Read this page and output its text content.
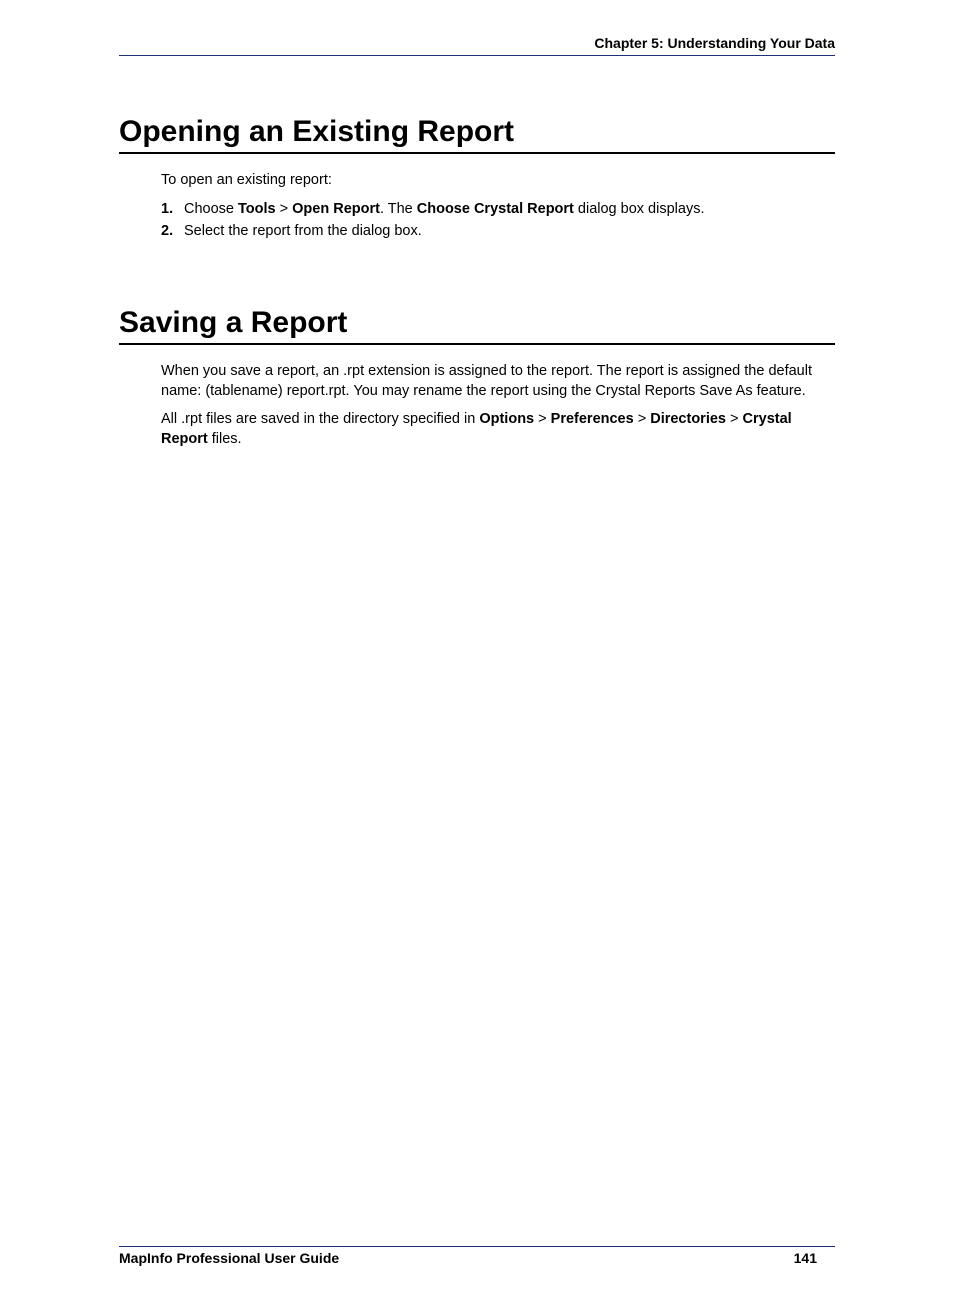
Chapter 5: Understanding Your Data
Opening an Existing Report

To open an existing report:

1. Choose Tools > Open Report. The Choose Crystal Report dialog box displays.
2. Select the report from the dialog box.
Saving a Report

When you save a report, an .rpt extension is assigned to the report. The report is assigned the default name: (tablename) report.rpt. You may rename the report using the Crystal Reports Save As feature.

All .rpt files are saved in the directory specified in Options > Preferences > Directories > Crystal Report files.

MapInfo Professional User Guide	141
